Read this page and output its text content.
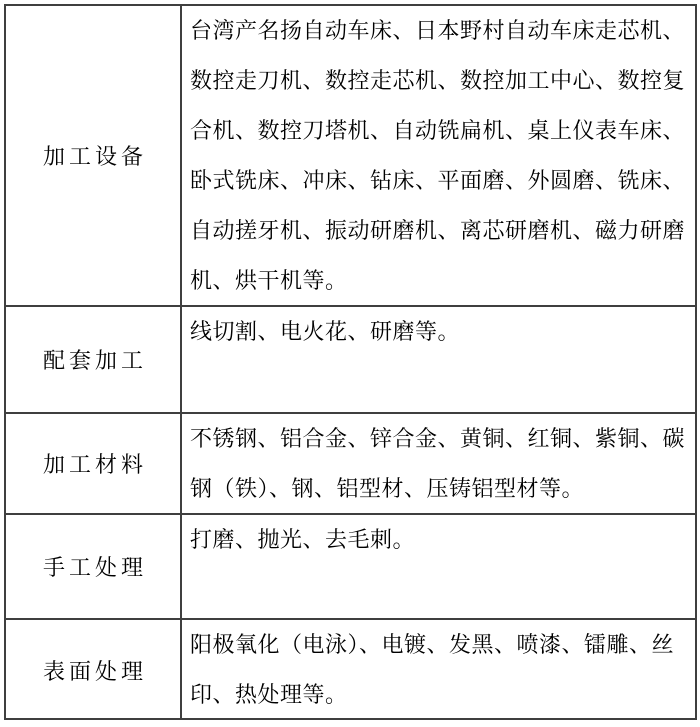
加工设备
台湾产名扬自动车床、日本野村自动车床走芯机、
数控走刀机、数控走芯机、数控加工中心、数控复
合机、数控刀塔机、自动铣扁机、桌上仪表车床、
卧式铣床、冲床、钻床、平面磨、外圆磨、铣床、
自动搓牙机、振动研磨机、离芯研磨机、磁力研磨
机、烘干机等。
配套加工
线切割、电火花、研磨等。
加工材料
不锈钢、铝合金、锌合金、黄铜、红铜、紫铜、碳
钢（铁）、钢、铝型材、压铸铝型材等。
手工处理
打磨、抛光、去毛刺。
表面处理
阳极氧化（电泳）、电镀、发黑、喷漆、镭雕、丝
印、热处理等。
